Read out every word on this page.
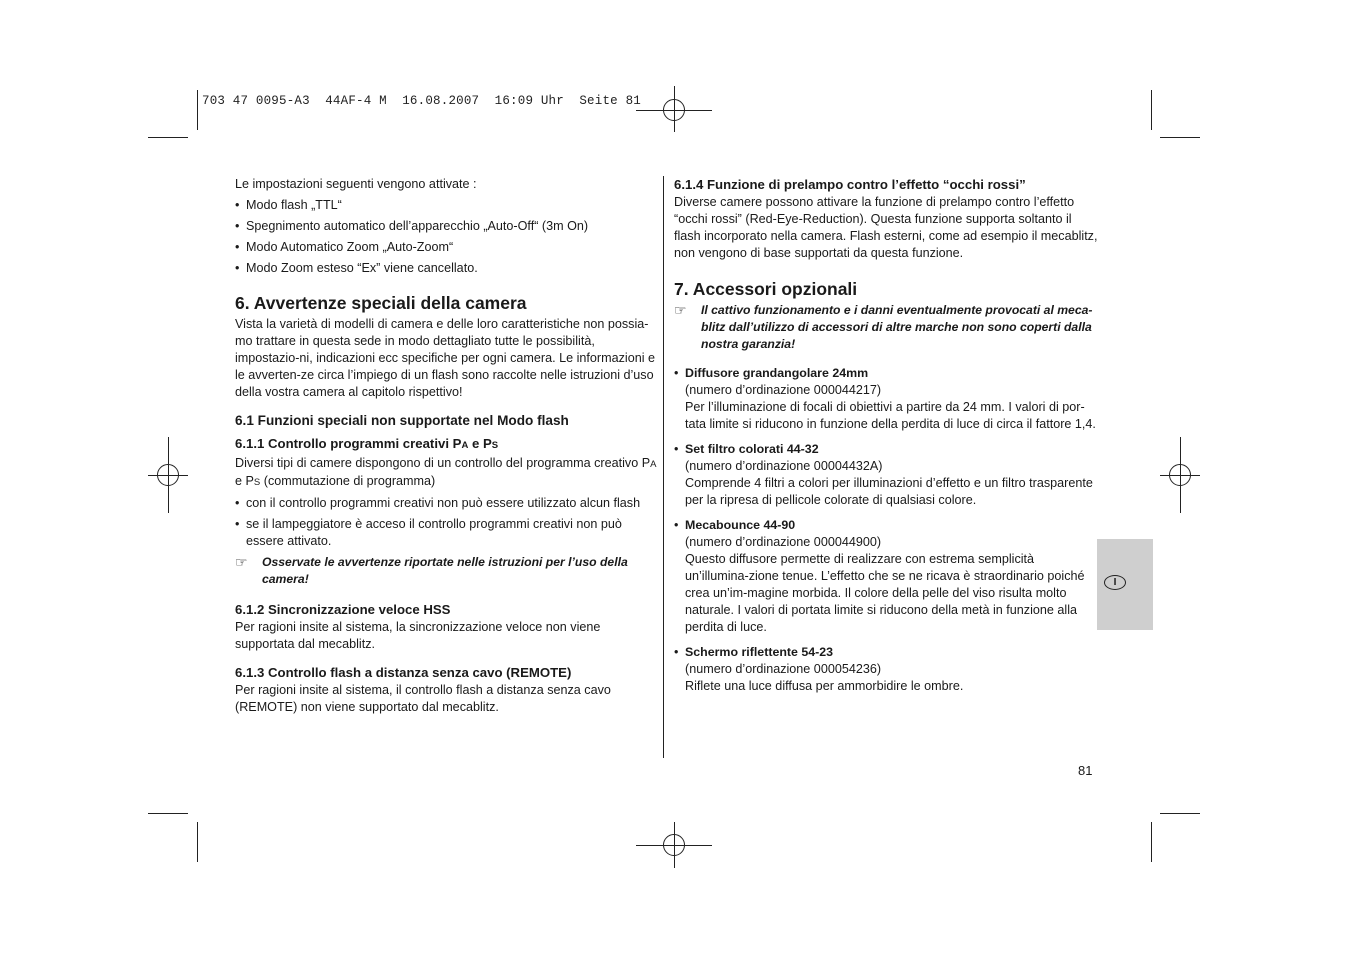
703 47 0095-A3  44AF-4 M  16.08.2007  16:09 Uhr  Seite 81

Le impostazioni seguenti vengono attivate :

• Modo flash „TTL“
• Spegnimento automatico dell’apparecchio „Auto-Off“ (3m On)
• Modo Automatico Zoom „Auto-Zoom“
• Modo Zoom esteso “Ex” viene cancellato.
6. Avvertenze speciali della camera

Vista la varietà di modelli di camera e delle loro caratteristiche non possia-mo trattare in questa sede in modo dettagliato tutte le possibilità, impostazio-ni, indicazioni ecc specifiche per ogni camera. Le informazioni e le avverten-ze circa l’impiego di un flash sono raccolte nelle istruzioni d’uso della vostra camera al capitolo rispettivo!

6.1 Funzioni speciali non supportate nel Modo flash
6.1.1 Controllo programmi creativi PA e PS

Diversi tipi di camere dispongono di un controllo del programma creativo PA
e PS (commutazione di programma)

• con il controllo programmi creativi non può essere utilizzato alcun flash
• se il lampeggiatore è acceso il controllo programmi creativi non può essere attivato.
☞	Osservate le avvertenze riportate nelle istruzioni per l’uso della camera!
6.1.2 Sincronizzazione veloce HSS

Per ragioni insite al sistema, la sincronizzazione veloce non viene supportata dal mecablitz.

6.1.3 Controllo flash a distanza senza cavo (REMOTE)

Per ragioni insite al sistema, il controllo flash a distanza senza cavo (REMOTE) non viene supportato dal mecablitz.

6.1.4 Funzione di prelampo contro l’effetto “occhi rossi”

Diverse camere possono attivare la funzione di prelampo contro l’effetto “occhi rossi” (Red-Eye-Reduction). Questa funzione supporta soltanto il flash incorporato nella camera. Flash esterni, come ad esempio il mecablitz, non vengono di base supportati da questa funzione.

7. Accessori opzionali
☞	Il cattivo funzionamento e i danni eventualmente provocati al meca-blitz dall’utilizzo di accessori di altre marche non sono coperti dalla nostra garanzia!
• Diffusore grandangolare 24mm

(numero d’ordinazione 000044217)

Per l’illuminazione di focali di obiettivi a partire da 24 mm. I valori di por-tata limite si riducono in funzione della perdita di luce di circa il fattore 1,4.

• Set filtro colorati 44-32

(numero d’ordinazione 00004432A)

Comprende 4 filtri a colori per illuminazioni d’effetto e un filtro trasparente per la ripresa di pellicole colorate di qualsiasi colore.

• Mecabounce 44-90

(numero d’ordinazione 000044900)

Questo diffusore permette di realizzare con estrema semplicità un’illumina-zione tenue. L’effetto che se ne ricava è straordinario poiché crea un’im-magine morbida. Il colore della pelle del viso risulta molto naturale. I valori di portata limite si riducono della metà in funzione alla perdita di luce.

• Schermo riflettente 54-23

(numero d’ordinazione 000054236)

Riflete una luce diffusa per ammorbidire le ombre.

I
81
